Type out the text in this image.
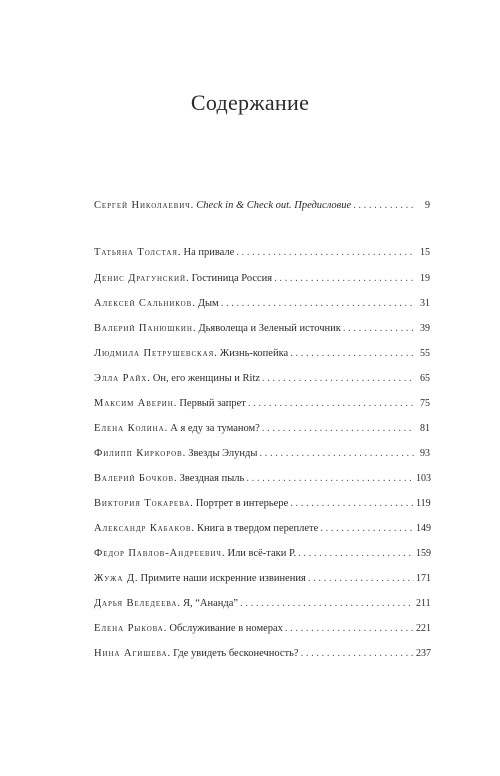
Содержание
Сергей Николаевич . Check in & Check out. Предисловие . . .	9
Татьяна Толстая . На привале . . .	15
Денис Драгунский . Гостиница Россия . . .	19
Алексей Сальников . Дым . . .	31
Валерий Панюшкин . Дьяволеща и Зеленый источник . . .	39
Людмила Петрушевская . Жизнь-копейка . . .	55
Элла Райх . Он, его женщины и Ritz . . .	65
Максим Аверин . Первый запрет . . .	75
Елена Колина . А я еду за туманом? . . .	81
Филипп Киркоров . Звезды Элунды . . .	93
Валерий Бочков . Звездная пыль . . .	103
Виктория Токарева . Портрет в интерьере . . .	119
Александр Кабаков . Книга в твердом переплете . . .	149
Федор Павлов-Андреевич . Или всё-таки Р. . . .	159
Жужа Д . Примите наши искренние извинения . . .	171
Дарья Веледеева . Я, “Ананда” . . .	211
Елена Рыкова . Обслуживание в номерах . . .	221
Нина Агишева . Где увидеть бесконечность? . . .	237
